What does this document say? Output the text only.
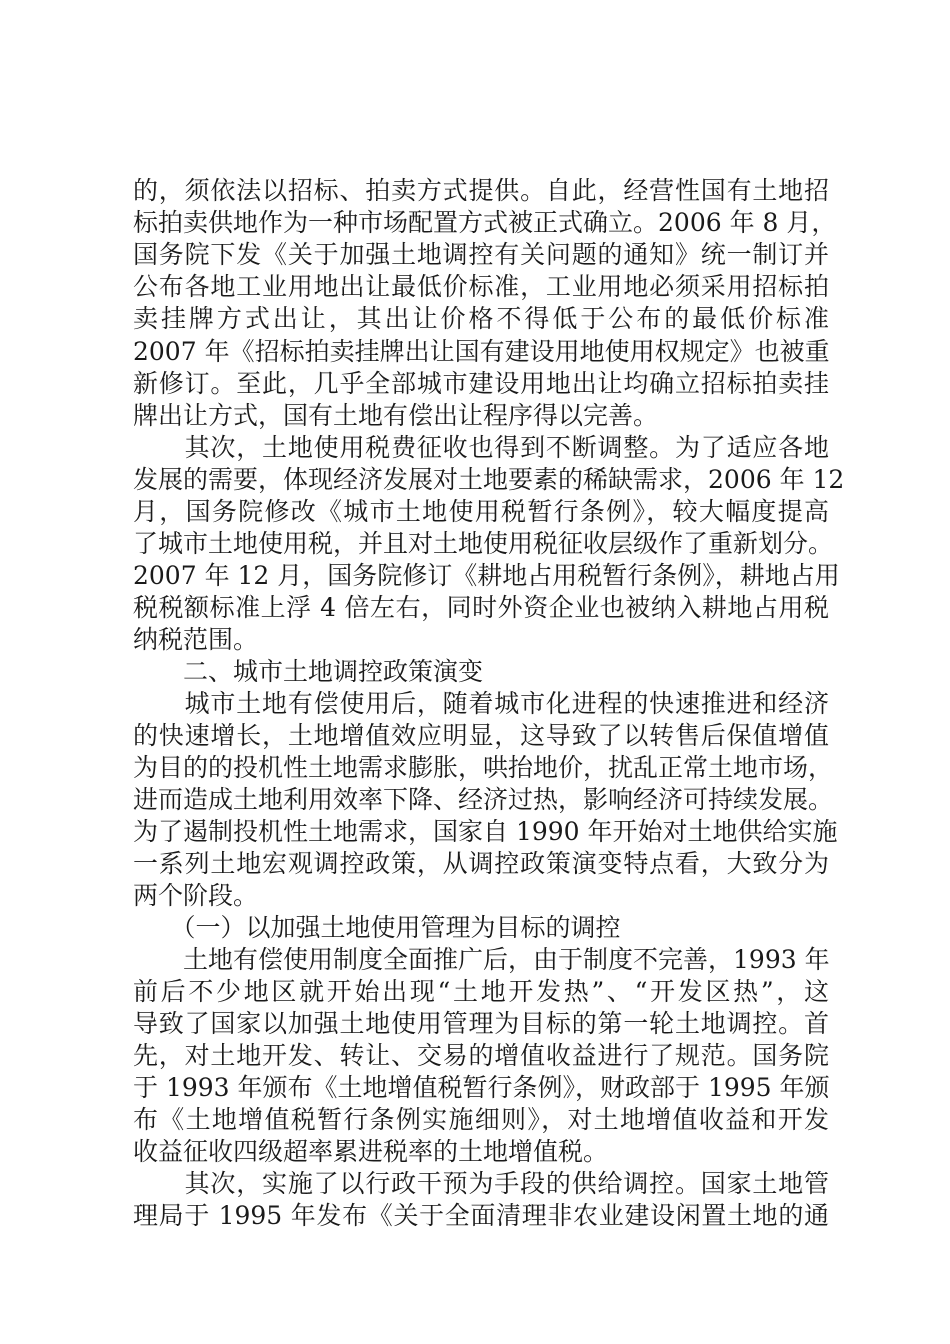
的，须依法以招标、拍卖方式提供。自此，经营性国有土地招
标拍卖供地作为一种市场配置方式被正式确立。2006 年 8 月，
国务院下发《关于加强土地调控有关问题的通知》统一制订并
公布各地工业用地出让最低价标准，工业用地必须采用招标拍
卖挂牌方式出让，其出让价格不得低于公布的最低价标准
2007 年《招标拍卖挂牌出让国有建设用地使用权规定》也被重
新修订。至此，几乎全部城市建设用地出让均确立招标拍卖挂
牌出让方式，国有土地有偿出让程序得以完善。
　　其次，土地使用税费征收也得到不断调整。为了适应各地
发展的需要，体现经济发展对土地要素的稀缺需求，2006 年 12
月，国务院修改《城市土地使用税暂行条例》，较大幅度提高
了城市土地使用税，并且对土地使用税征收层级作了重新划分。
2007 年 12 月，国务院修订《耕地占用税暂行条例》，耕地占用
税税额标准上浮 4 倍左右，同时外资企业也被纳入耕地占用税
纳税范围。
　　二、城市土地调控政策演变
　　城市土地有偿使用后，随着城市化进程的快速推进和经济
的快速增长，土地增值效应明显，这导致了以转售后保值增值
为目的的投机性土地需求膨胀，哄抬地价，扰乱正常土地市场，
进而造成土地利用效率下降、经济过热，影响经济可持续发展。
为了遏制投机性土地需求，国家自 1990 年开始对土地供给实施
一系列土地宏观调控政策，从调控政策演变特点看，大致分为
两个阶段。
　　（一）以加强土地使用管理为目标的调控
　　土地有偿使用制度全面推广后，由于制度不完善，1993 年
前后不少地区就开始出现“土地开发热”、“开发区热”，这
导致了国家以加强土地使用管理为目标的第一轮土地调控。首
先，对土地开发、转让、交易的增值收益进行了规范。国务院
于 1993 年颁布《土地增值税暂行条例》，财政部于 1995 年颁
布《土地增值税暂行条例实施细则》，对土地增值收益和开发
收益征收四级超率累进税率的土地增值税。
　　其次，实施了以行政干预为手段的供给调控。国家土地管
理局于 1995 年发布《关于全面清理非农业建设闲置土地的通
